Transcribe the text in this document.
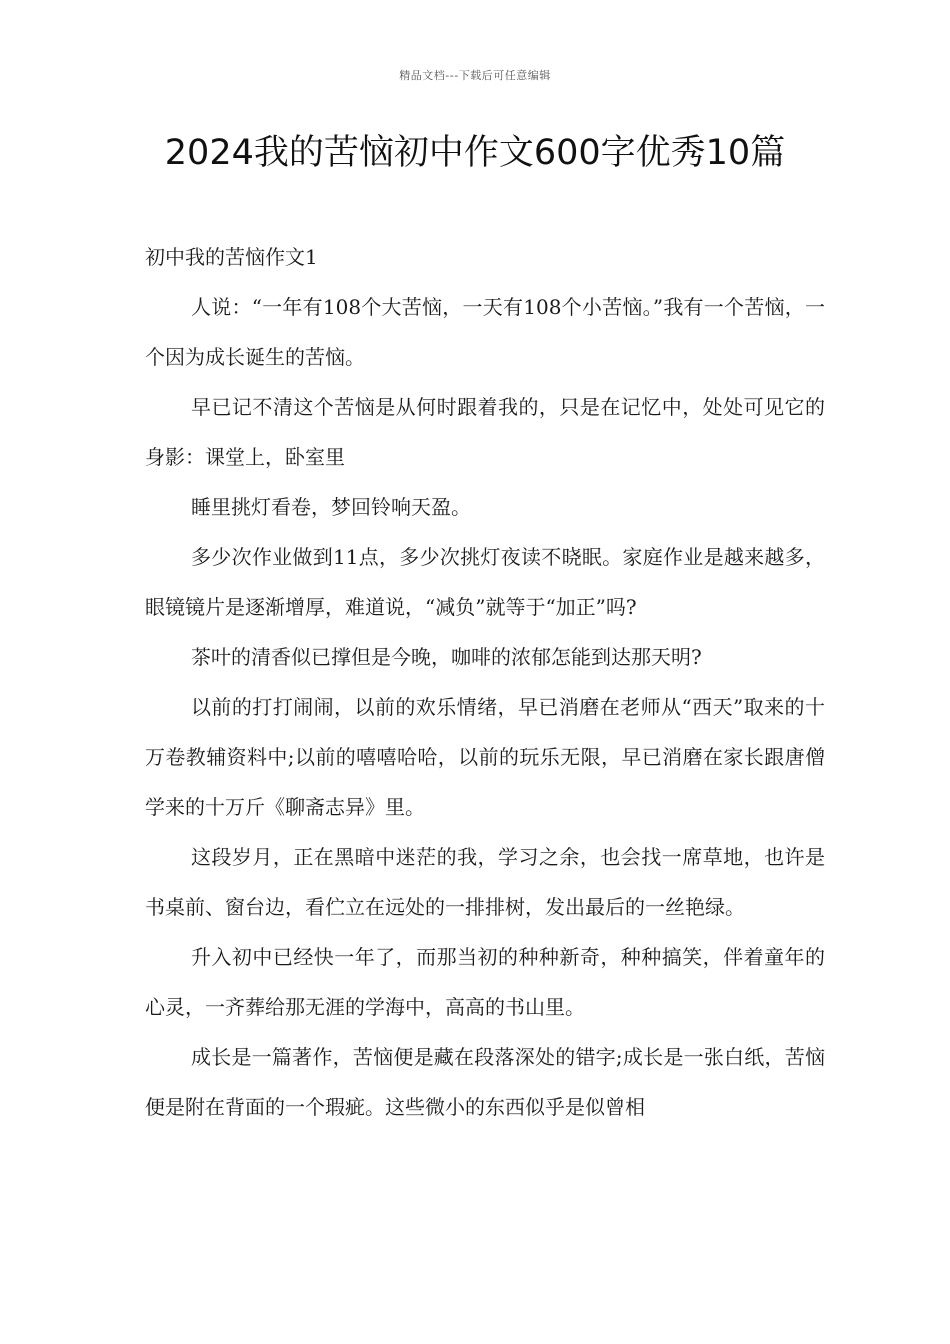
精品文档---下载后可任意编辑
2024我的苦恼初中作文600字优秀10篇

初中我的苦恼作文1

人说：“一年有108个大苦恼，一天有108个小苦恼。”我有一个苦恼，一个因为成长诞生的苦恼。

早已记不清这个苦恼是从何时跟着我的，只是在记忆中，处处可见它的身影：课堂上，卧室里

睡里挑灯看卷，梦回铃响天盈。

多少次作业做到11点，多少次挑灯夜读不晓眠。家庭作业是越来越多，眼镜镜片是逐渐增厚，难道说，“减负”就等于“加正”吗?

茶叶的清香似已撑但是今晚，咖啡的浓郁怎能到达那天明?

以前的打打闹闹，以前的欢乐情绪，早已消磨在老师从“西天”取来的十万卷教辅资料中;以前的嘻嘻哈哈，以前的玩乐无限，早已消磨在家长跟唐僧学来的十万斤《聊斋志异》里。

这段岁月，正在黑暗中迷茫的我，学习之余，也会找一席草地，也许是书桌前、窗台边，看伫立在远处的一排排树，发出最后的一丝艳绿。

升入初中已经快一年了，而那当初的种种新奇，种种搞笑，伴着童年的心灵，一齐葬给那无涯的学海中，高高的书山里。

成长是一篇著作，苦恼便是藏在段落深处的错字;成长是一张白纸，苦恼便是附在背面的一个瑕疵。这些微小的东西似乎是似曾相
